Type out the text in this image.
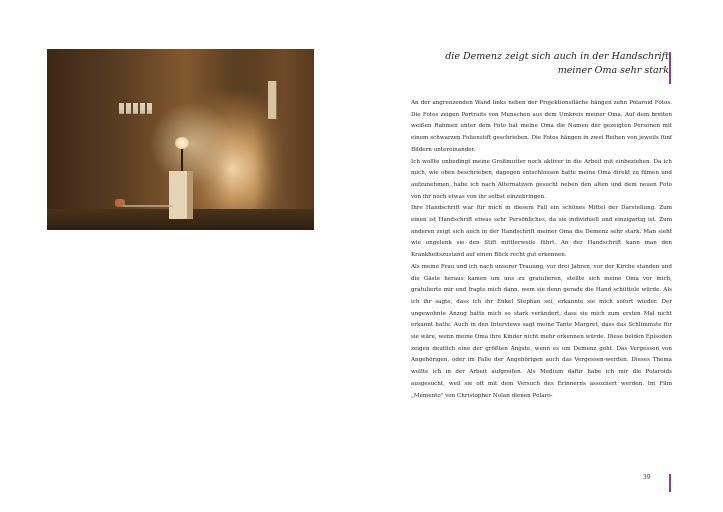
die Demenz zeigt sich auch in der Handschrift
meiner Oma sehr stark

An der angrenzenden Wand links neben der Projektionsfläche hängen zehn Polaroid Fotos. Die Fotos zeigen Portraits von Menschen aus dem Umkreis meiner Oma. Auf dem breiten weißen Rahmen unter dem Foto hat meine Oma die Namen der gezeigten Personen mit einem schwarzen Folienstift geschrieben. Die Fotos hängen in zwei Reihen von jeweils fünf Bildern untereinander.

Ich wollte unbedingt meine Großmutter noch aktiver in die Arbeit mit einbeziehen. Da ich mich, wie oben beschrieben, dagegen entschlossen hatte meine Oma direkt zu filmen und aufzunehmen, habe ich nach Alternativen gesucht neben den alten und dem neuen Foto von ihr noch etwas von ihr selbst einzubringen.

Ihre Handschrift war für mich in diesem Fall ein schönes Mittel der Darstellung. Zum einen ist Handschrift etwas sehr Persönliches, da sie individuell und einzigartig ist. Zum anderen zeigt sich auch in der Handschrift meiner Oma die Demenz sehr stark. Man sieht wie ungelenk sie den Stift mittlerweile führt. An der Handschrift kann man den Krankheitszustand auf einen Blick recht gut erkennen.

Als meine Frau und ich nach unserer Trauung, vor drei Jahren, vor der Kirche standen und die Gäste heraus kamen um uns zu gratulieren, stellte sich meine Oma vor mich, gratulierte mir und fragte mich dann, wem sie denn gerade die Hand schüttele würde. Als ich ihr sagte, dass ich ihr Enkel Stephan sei, erkannte sie mich sofort wieder. Der ungewohnte Anzug hatte mich so stark verändert, dass sie mich zum ersten Mal nicht erkannt hatte. Auch in den Interviews sagt meine Tante Margret, dass das Schlimmste für sie wäre, wenn meine Oma ihre Kinder nicht mehr erkennen würde. Diese beiden Episoden zeigen deutlich eine der größten Ängste, wenn es um Demenz geht. Das Vergessen von Angehörigen, oder im Falle der Angehörigen auch das Vergessen-werden. Dieses Thema wollte ich in der Arbeit aufgreifen. Als Medium dafür habe ich mir die Polaroids ausgesucht, weil sie oft mit dem Versuch des Erinnerns assoziiert werden. Im Film „Memento" von Christopher Nolan dienen Polaro-

39
